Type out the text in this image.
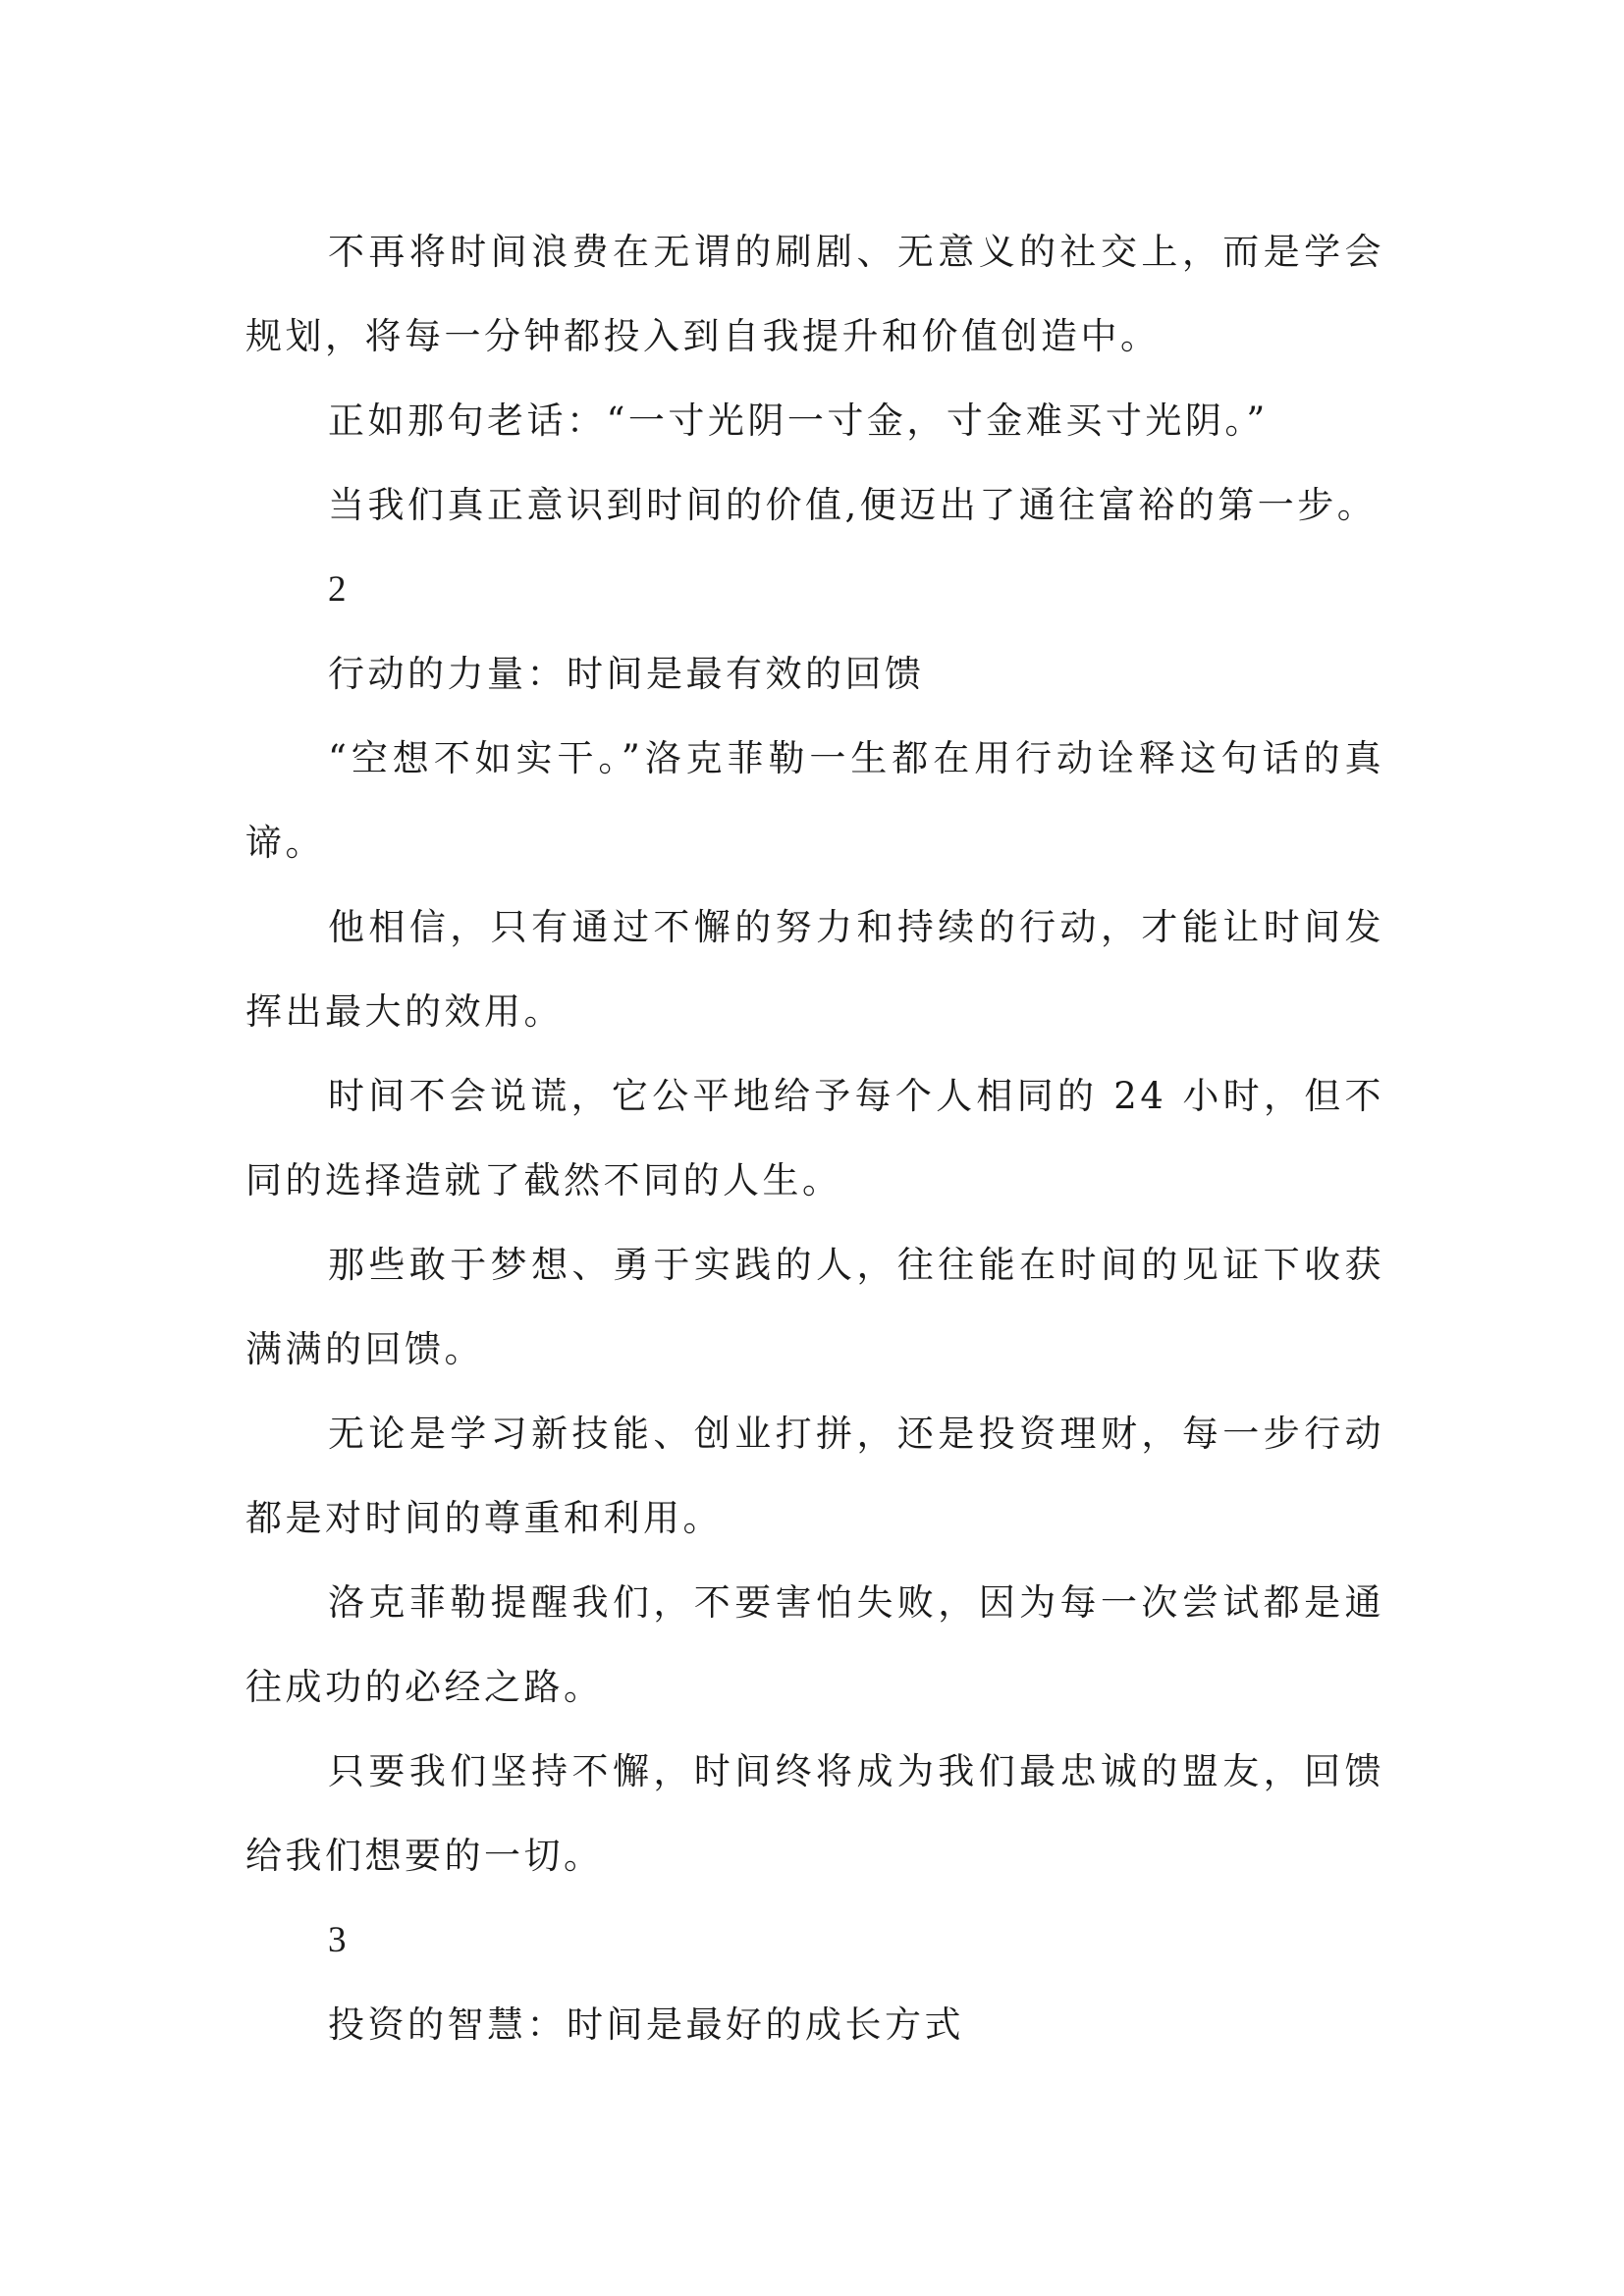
不再将时间浪费在无谓的刷剧、无意义的社交上，而是学会规划，将每一分钟都投入到自我提升和价值创造中。

正如那句老话：“一寸光阴一寸金，寸金难买寸光阴。”

当我们真正意识到时间的价值,便迈出了通往富裕的第一步。

2

行动的力量：时间是最有效的回馈

“空想不如实干。”洛克菲勒一生都在用行动诠释这句话的真谛。

他相信，只有通过不懈的努力和持续的行动，才能让时间发挥出最大的效用。

时间不会说谎，它公平地给予每个人相同的 24 小时，但不同的选择造就了截然不同的人生。

那些敢于梦想、勇于实践的人，往往能在时间的见证下收获满满的回馈。

无论是学习新技能、创业打拼，还是投资理财，每一步行动都是对时间的尊重和利用。

洛克菲勒提醒我们，不要害怕失败，因为每一次尝试都是通往成功的必经之路。

只要我们坚持不懈，时间终将成为我们最忠诚的盟友，回馈给我们想要的一切。

3

投资的智慧：时间是最好的成长方式
